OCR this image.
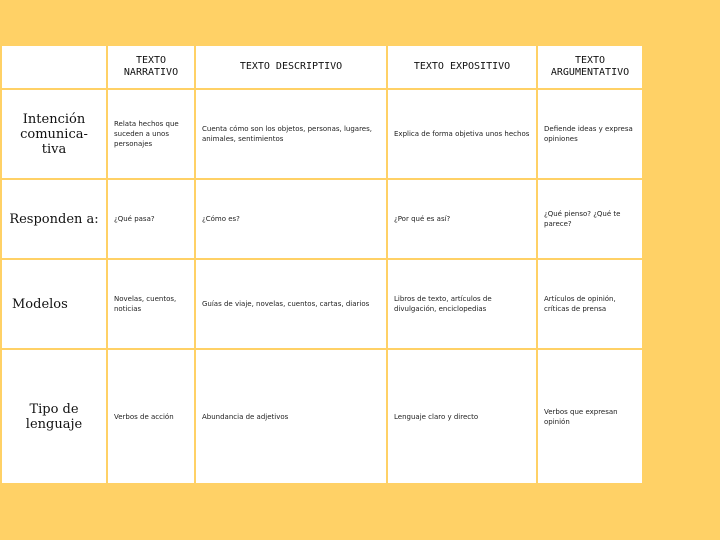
	TEXTO NARRATIVO	TEXTO DESCRIPTIVO	TEXTO EXPOSITIVO	TEXTO ARGUMENTATIVO
Intención comunica-tiva	Relata hechos que suceden a unos personajes	Cuenta cómo son los objetos, personas, lugares, animales, sentimientos	Explica de forma objetiva unos hechos	Defiende ideas y expresa opiniones
Responden a:	¿Qué pasa?	¿Cómo es?	¿Por qué es así?	¿Qué pienso? ¿Qué te parece?
Modelos	Novelas, cuentos, noticias	Guías de viaje, novelas, cuentos, cartas, diarios	Libros de texto, artículos de divulgación, enciclopedias	Artículos de opinión, críticas de prensa
Tipo de lenguaje	Verbos de acción	Abundancia de adjetivos	Lenguaje claro y directo	Verbos que expresan opinión
